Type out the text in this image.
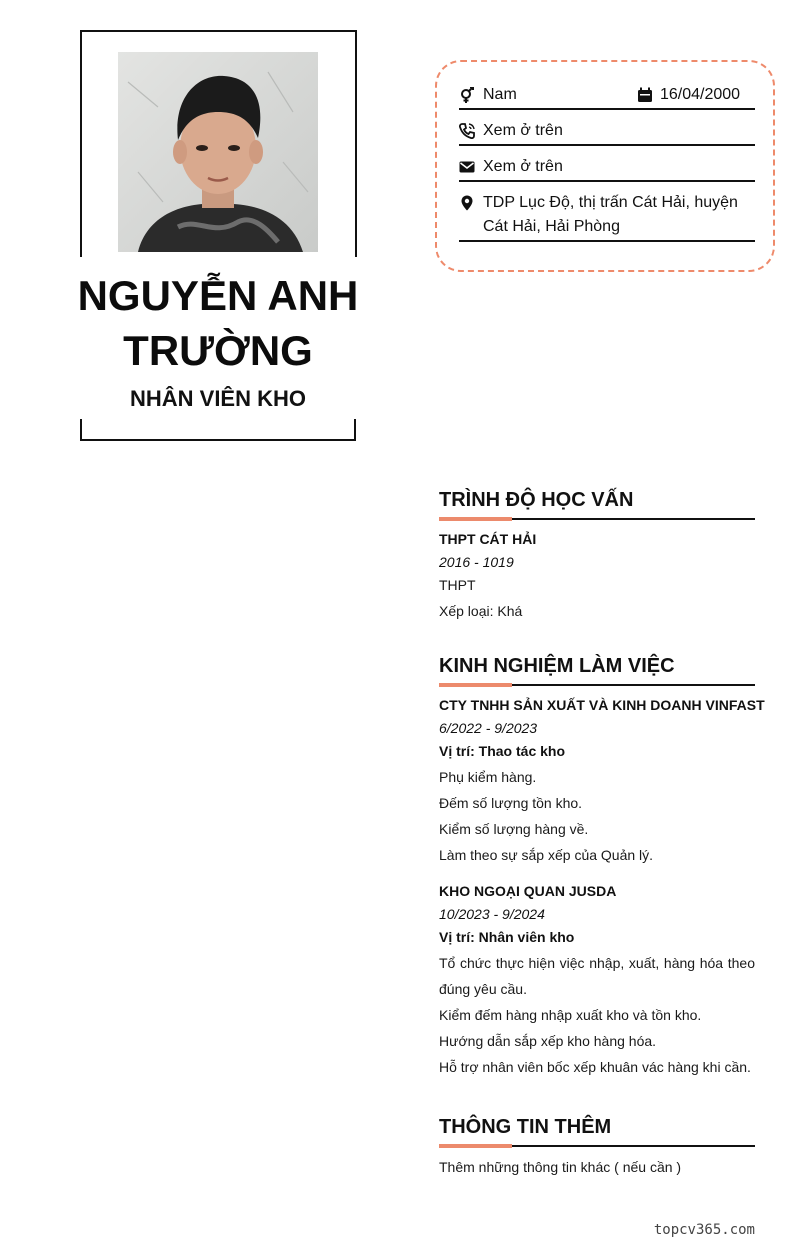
NGUYỄN ANH TRƯỜNG
NHÂN VIÊN KHO
Nam	16/04/2000
Xem ở trên
Xem ở trên
TDP Lục Độ, thị trấn Cát Hải, huyện Cát Hải, Hải Phòng
TRÌNH ĐỘ HỌC VẤN
THPT CÁT HẢI
2016 - 1019
THPT
Xếp loại: Khá
KINH NGHIỆM LÀM VIỆC
CTY TNHH SẢN XUẤT VÀ KINH DOANH VINFAST
6/2022 - 9/2023
Vị trí: Thao tác kho
Phụ kiểm hàng.
Đếm số lượng tồn kho.
Kiểm số lượng hàng về.
Làm theo sự sắp xếp của Quản lý.
KHO NGOẠI QUAN JUSDA
10/2023 - 9/2024
Vị trí: Nhân viên kho
Tổ chức thực hiện việc nhập, xuất, hàng hóa theo đúng yêu cầu.
Kiểm đếm hàng nhập xuất kho và tồn kho.
Hướng dẫn sắp xếp kho hàng hóa.
Hỗ trợ nhân viên bốc xếp khuân vác hàng khi cần.
THÔNG TIN THÊM
Thêm những thông tin khác ( nếu cần )
topcv365.com
